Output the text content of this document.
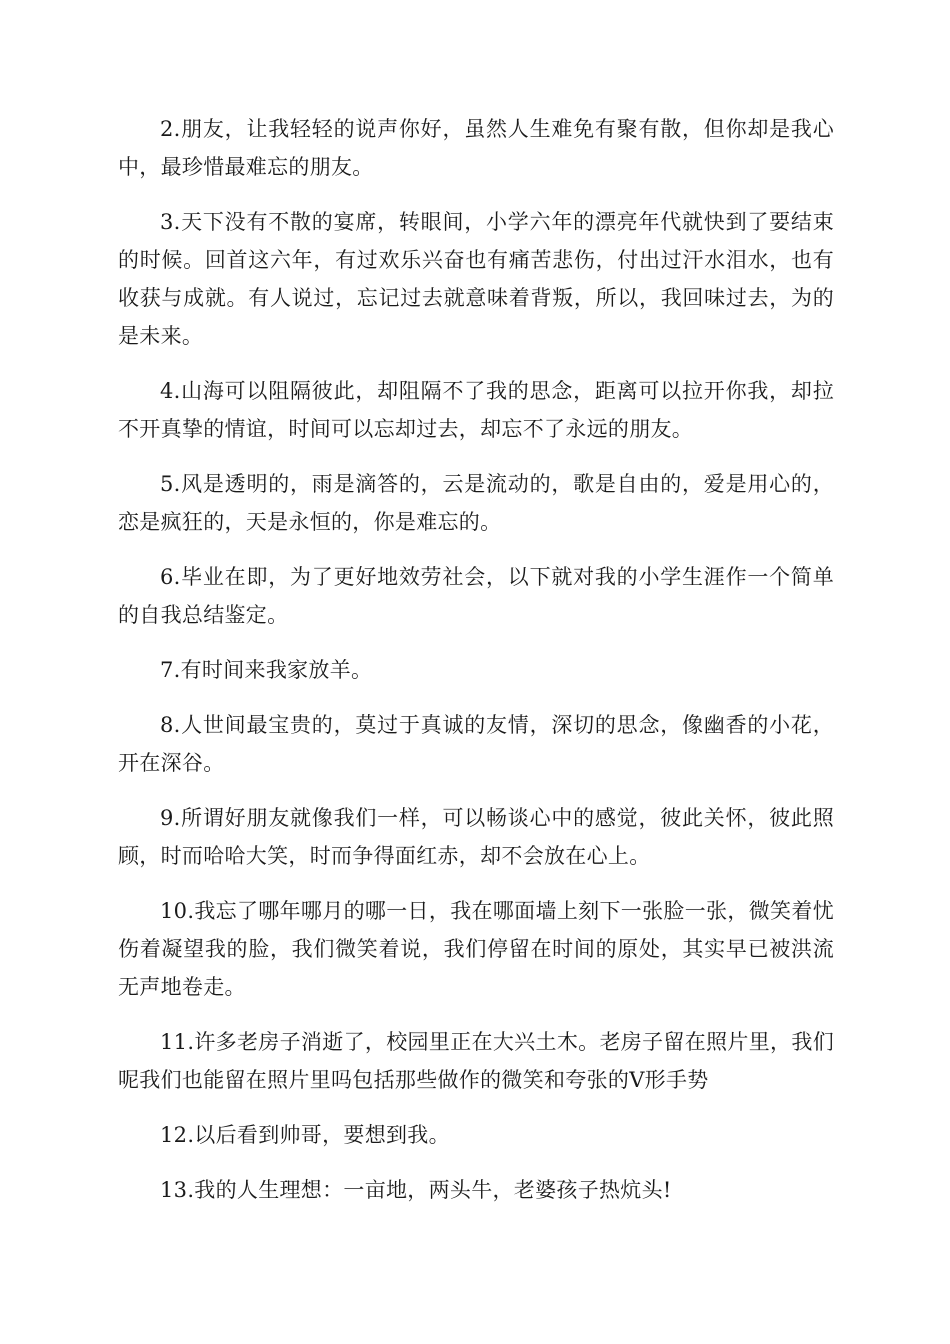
2.朋友，让我轻轻的说声你好，虽然人生难免有聚有散，但你却是我心中，最珍惜最难忘的朋友。

3.天下没有不散的宴席，转眼间，小学六年的漂亮年代就快到了要结束的时候。回首这六年，有过欢乐兴奋也有痛苦悲伤，付出过汗水泪水，也有收获与成就。有人说过，忘记过去就意味着背叛，所以，我回味过去，为的是未来。

4.山海可以阻隔彼此，却阻隔不了我的思念，距离可以拉开你我，却拉不开真挚的情谊，时间可以忘却过去，却忘不了永远的朋友。

5.风是透明的，雨是滴答的，云是流动的，歌是自由的，爱是用心的，恋是疯狂的，天是永恒的，你是难忘的。

6.毕业在即，为了更好地效劳社会，以下就对我的小学生涯作一个简单的自我总结鉴定。

7.有时间来我家放羊。

8.人世间最宝贵的，莫过于真诚的友情，深切的思念，像幽香的小花，开在深谷。

9.所谓好朋友就像我们一样，可以畅谈心中的感觉，彼此关怀，彼此照顾，时而哈哈大笑，时而争得面红赤，却不会放在心上。

10.我忘了哪年哪月的哪一日，我在哪面墙上刻下一张脸一张，微笑着忧伤着凝望我的脸，我们微笑着说，我们停留在时间的原处，其实早已被洪流无声地卷走。

11.许多老房子消逝了，校园里正在大兴土木。老房子留在照片里，我们呢我们也能留在照片里吗包括那些做作的微笑和夸张的V形手势

12.以后看到帅哥，要想到我。

13.我的人生理想：一亩地，两头牛，老婆孩子热炕头!
